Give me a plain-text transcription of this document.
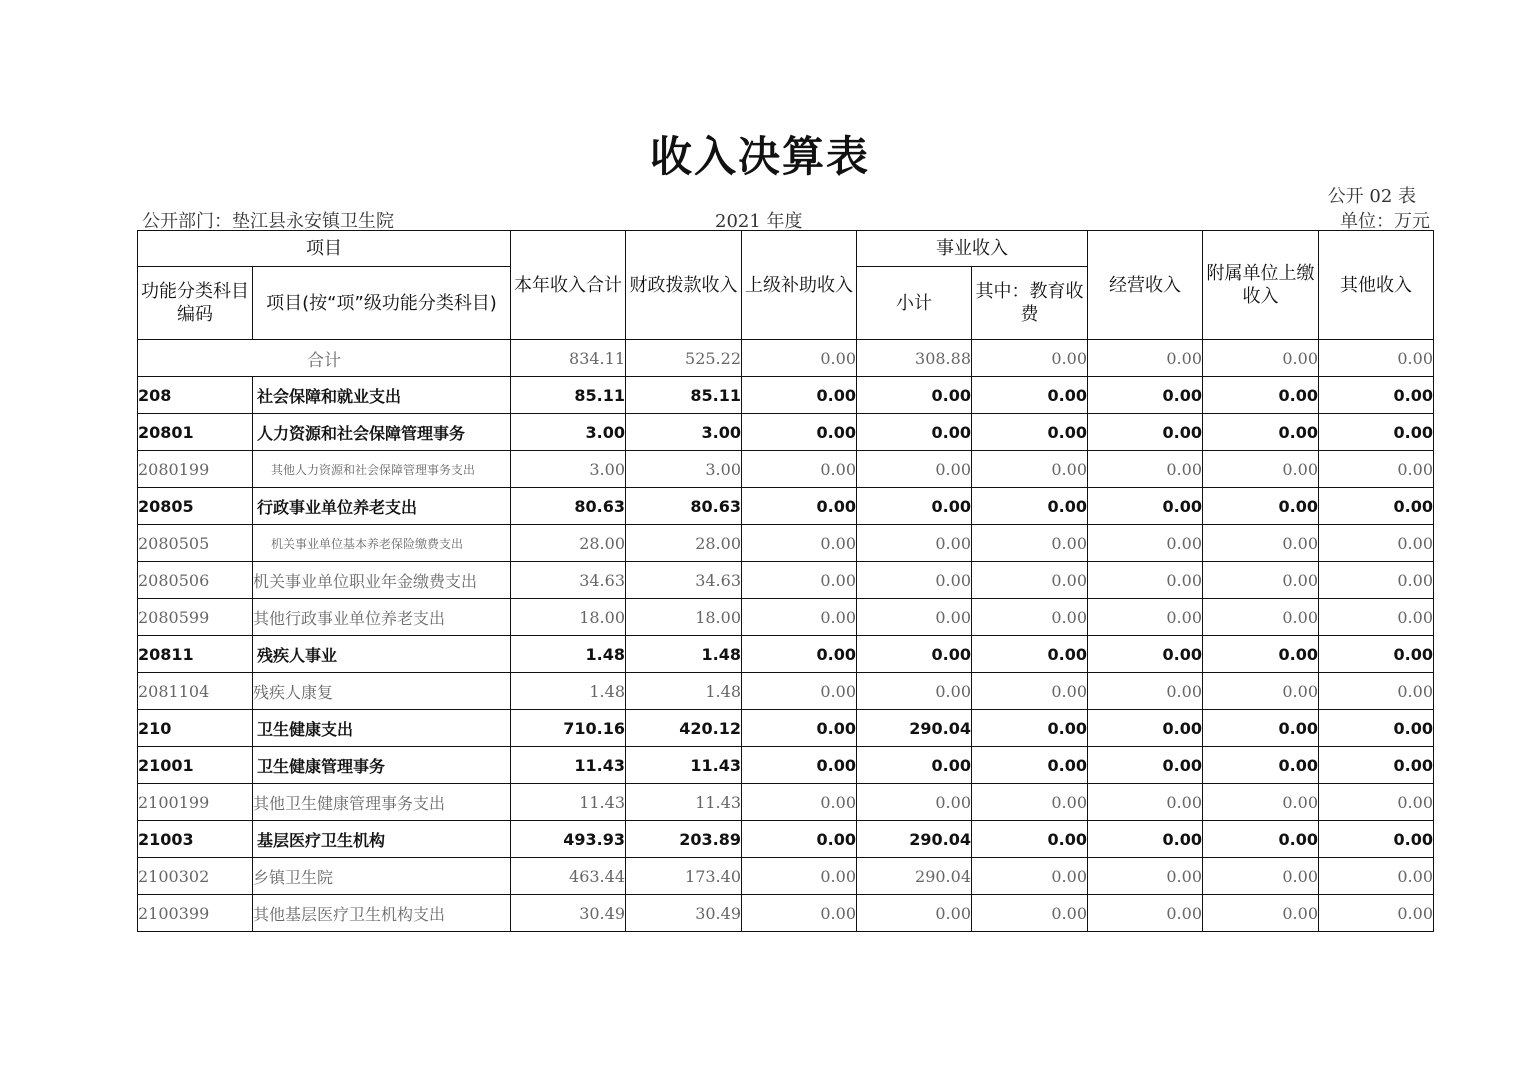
收入决算表
公开部门：垫江县永安镇卫生院	2021 年度
公开 02 表
单位：万元
项目		本年收入合计	财政拨款收入	上级补助收入	事业收入		经营收入	附属单位上缴收入	其他收入
功能分类科目编码	项目(按“项”级功能分类科目)				小计	其中：教育收费			
合计		834.11	525.22	0.00	308.88	0.00	0.00	0.00	0.00
208	社会保障和就业支出	85.11	85.11	0.00	0.00	0.00	0.00	0.00	0.00
20801	人力资源和社会保障管理事务	3.00	3.00	0.00	0.00	0.00	0.00	0.00	0.00
2080199	其他人力资源和社会保障管理事务支出	3.00	3.00	0.00	0.00	0.00	0.00	0.00	0.00
20805	行政事业单位养老支出	80.63	80.63	0.00	0.00	0.00	0.00	0.00	0.00
2080505	机关事业单位基本养老保险缴费支出	28.00	28.00	0.00	0.00	0.00	0.00	0.00	0.00
2080506	机关事业单位职业年金缴费支出	34.63	34.63	0.00	0.00	0.00	0.00	0.00	0.00
2080599	其他行政事业单位养老支出	18.00	18.00	0.00	0.00	0.00	0.00	0.00	0.00
20811	残疾人事业	1.48	1.48	0.00	0.00	0.00	0.00	0.00	0.00
2081104	残疾人康复	1.48	1.48	0.00	0.00	0.00	0.00	0.00	0.00
210	卫生健康支出	710.16	420.12	0.00	290.04	0.00	0.00	0.00	0.00
21001	卫生健康管理事务	11.43	11.43	0.00	0.00	0.00	0.00	0.00	0.00
2100199	其他卫生健康管理事务支出	11.43	11.43	0.00	0.00	0.00	0.00	0.00	0.00
21003	基层医疗卫生机构	493.93	203.89	0.00	290.04	0.00	0.00	0.00	0.00
2100302	乡镇卫生院	463.44	173.40	0.00	290.04	0.00	0.00	0.00	0.00
2100399	其他基层医疗卫生机构支出	30.49	30.49	0.00	0.00	0.00	0.00	0.00	0.00
